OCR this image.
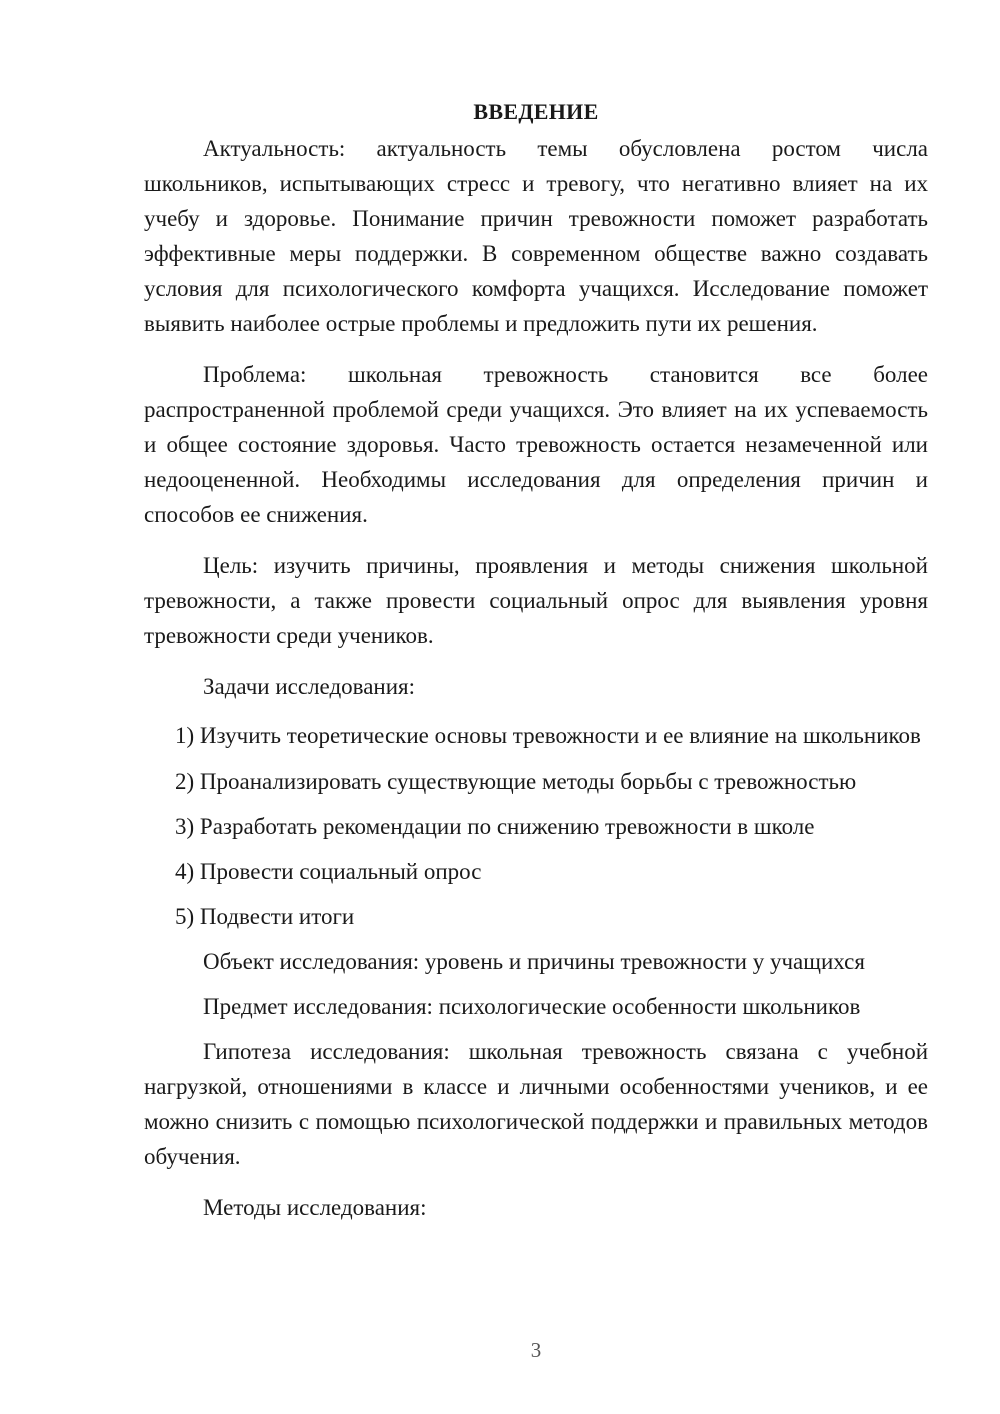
ВВЕДЕНИЕ

Актуальность: актуальность темы обусловлена ростом числа школьников, испытывающих стресс и тревогу, что негативно влияет на их учебу и здоровье. Понимание причин тревожности поможет разработать эффективные меры поддержки. В современном обществе важно создавать условия для психологического комфорта учащихся. Исследование поможет выявить наиболее острые проблемы и предложить пути их решения.

Проблема: школьная тревожность становится все более распространенной проблемой среди учащихся. Это влияет на их успеваемость и общее состояние здоровья. Часто тревожность остается незамеченной или недооцененной. Необходимы исследования для определения причин и способов ее снижения.

Цель: изучить причины, проявления и методы снижения школьной тревожности, а также провести социальный опрос для выявления уровня тревожности среди учеников.

Задачи исследования:

1) Изучить теоретические основы тревожности и ее влияние на школьников

2) Проанализировать существующие методы борьбы с тревожностью

3) Разработать рекомендации по снижению тревожности в школе

4) Провести социальный опрос

5) Подвести итоги

Объект исследования: уровень и причины тревожности у учащихся

Предмет исследования: психологические особенности школьников

Гипотеза исследования: школьная тревожность связана с учебной нагрузкой, отношениями в классе и личными особенностями учеников, и ее можно снизить с помощью психологической поддержки и правильных методов обучения.

Методы исследования:

3
